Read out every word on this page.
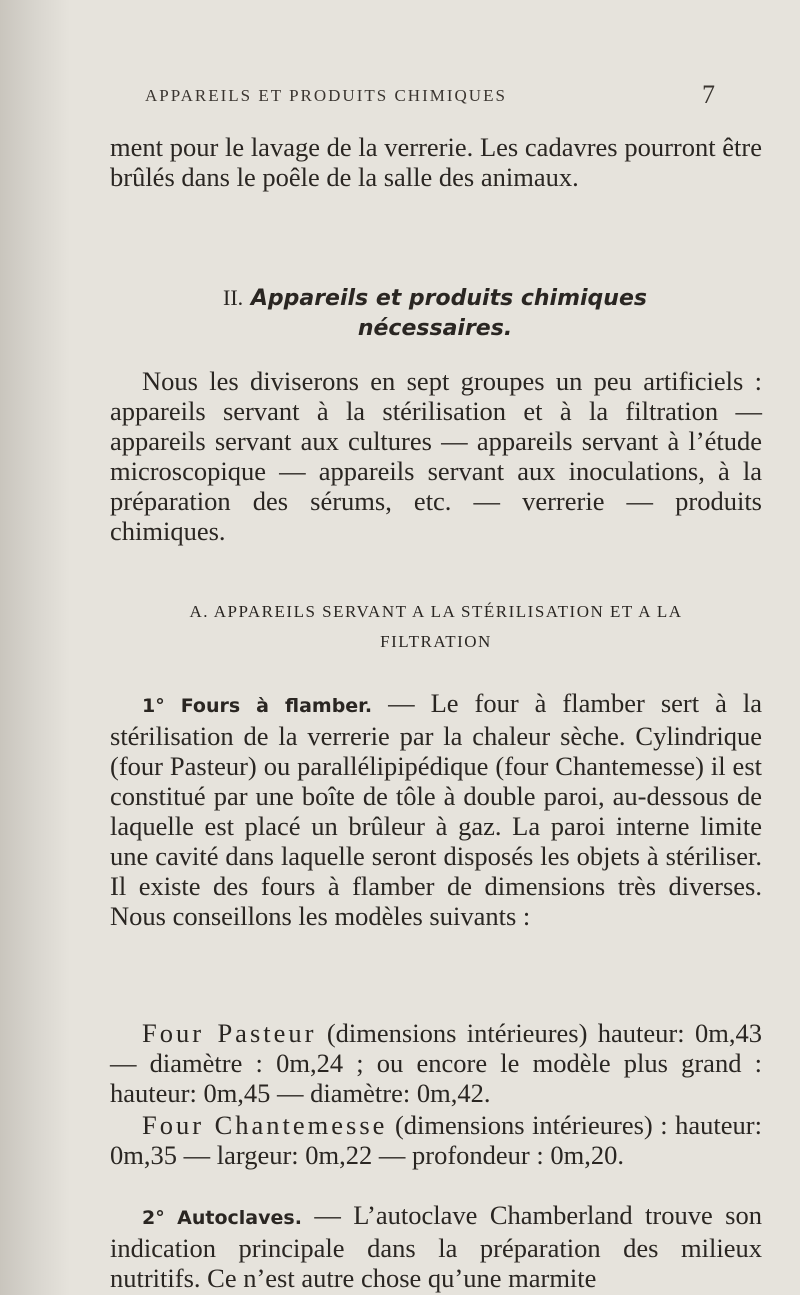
APPAREILS ET PRODUITS CHIMIQUES	7

ment pour le lavage de la verrerie. Les cadavres pourront être brûlés dans le poêle de la salle des animaux.

II. Appareils et produits chimiques
nécessaires.

Nous les diviserons en sept groupes un peu artificiels : appareils servant à la stérilisation et à la filtration — appareils servant aux cultures — appareils servant à l’étude microscopique — appareils servant aux inoculations, à la préparation des sérums, etc. — verrerie — produits chimiques.

A. APPAREILS SERVANT A LA STÉRILISATION ET A LA
FILTRATION

1° Fours à flamber. — Le four à flamber sert à la stérilisation de la verrerie par la chaleur sèche. Cylindrique (four Pasteur) ou parallélipipédique (four Chantemesse) il est constitué par une boîte de tôle à double paroi, au-dessous de laquelle est placé un brûleur à gaz. La paroi interne limite une cavité dans laquelle seront disposés les objets à stériliser. Il existe des fours à flamber de dimensions très diverses. Nous conseillons les modèles suivants :

Four Pasteur (dimensions intérieures) hauteur: 0m,43 — diamètre : 0m,24 ; ou encore le modèle plus grand : hauteur: 0m,45 — diamètre: 0m,42.

Four Chantemesse (dimensions intérieures) : hauteur: 0m,35 — largeur: 0m,22 — profondeur : 0m,20.

2° Autoclaves. — L’autoclave Chamberland trouve son indication principale dans la préparation des milieux nutritifs. Ce n’est autre chose qu’une marmite
